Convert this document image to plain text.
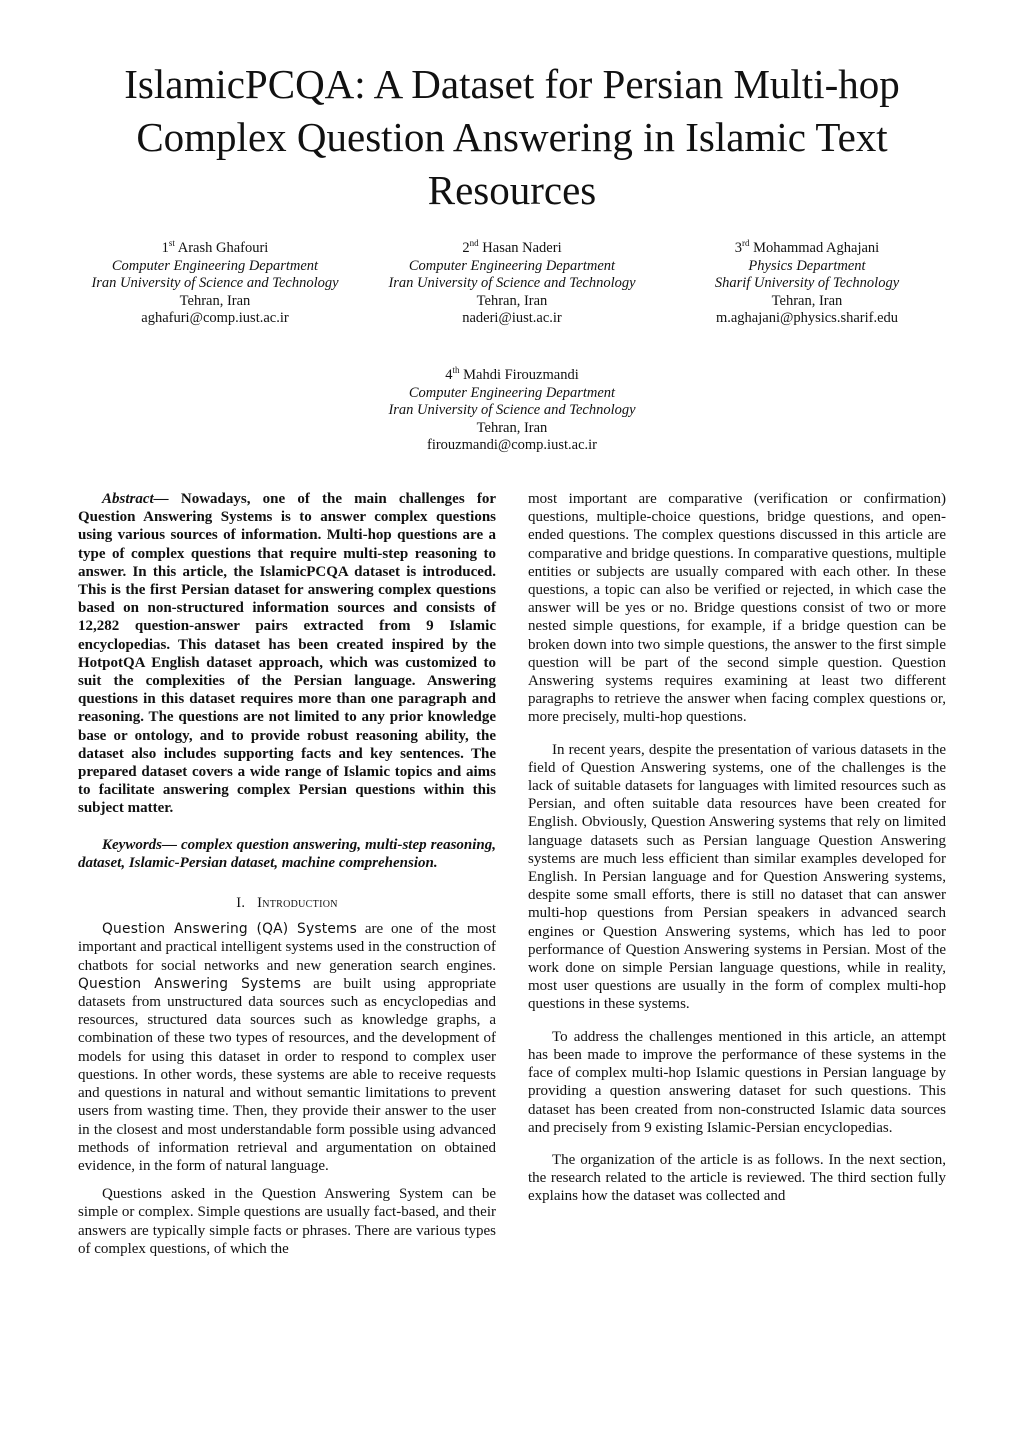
IslamicPCQA: A Dataset for Persian Multi-hop Complex Question Answering in Islamic Text Resources
1st Arash Ghafouri
Computer Engineering Department
Iran University of Science and Technology
Tehran, Iran
aghafuri@comp.iust.ac.ir
2nd Hasan Naderi
Computer Engineering Department
Iran University of Science and Technology
Tehran, Iran
naderi@iust.ac.ir
3rd Mohammad Aghajani
Physics Department
Sharif University of Technology
Tehran, Iran
m.aghajani@physics.sharif.edu
4th Mahdi Firouzmandi
Computer Engineering Department
Iran University of Science and Technology
Tehran, Iran
firouzmandi@comp.iust.ac.ir

Abstract— Nowadays, one of the main challenges for Question Answering Systems is to answer complex questions using various sources of information. Multi-hop questions are a type of complex questions that require multi-step reasoning to answer. In this article, the IslamicPCQA dataset is introduced. This is the first Persian dataset for answering complex questions based on non-structured information sources and consists of 12,282 question-answer pairs extracted from 9 Islamic encyclopedias. This dataset has been created inspired by the HotpotQA English dataset approach, which was customized to suit the complexities of the Persian language. Answering questions in this dataset requires more than one paragraph and reasoning. The questions are not limited to any prior knowledge base or ontology, and to provide robust reasoning ability, the dataset also includes supporting facts and key sentences. The prepared dataset covers a wide range of Islamic topics and aims to facilitate answering complex Persian questions within this subject matter.

Keywords— complex question answering, multi-step reasoning, dataset, Islamic-Persian dataset, machine comprehension.

I. Introduction

Question Answering (QA) Systems are one of the most important and practical intelligent systems used in the construction of chatbots for social networks and new generation search engines. Question Answering Systems are built using appropriate datasets from unstructured data sources such as encyclopedias and resources, structured data sources such as knowledge graphs, a combination of these two types of resources, and the development of models for using this dataset in order to respond to complex user questions. In other words, these systems are able to receive requests and questions in natural and without semantic limitations to prevent users from wasting time. Then, they provide their answer to the user in the closest and most understandable form possible using advanced methods of information retrieval and argumentation on obtained evidence, in the form of natural language.

Questions asked in the Question Answering System can be simple or complex. Simple questions are usually fact-based, and their answers are typically simple facts or phrases. There are various types of complex questions, of which the

most important are comparative (verification or confirmation) questions, multiple-choice questions, bridge questions, and open-ended questions. The complex questions discussed in this article are comparative and bridge questions. In comparative questions, multiple entities or subjects are usually compared with each other. In these questions, a topic can also be verified or rejected, in which case the answer will be yes or no. Bridge questions consist of two or more nested simple questions, for example, if a bridge question can be broken down into two simple questions, the answer to the first simple question will be part of the second simple question. Question Answering systems requires examining at least two different paragraphs to retrieve the answer when facing complex questions or, more precisely, multi-hop questions.

In recent years, despite the presentation of various datasets in the field of Question Answering systems, one of the challenges is the lack of suitable datasets for languages with limited resources such as Persian, and often suitable data resources have been created for English. Obviously, Question Answering systems that rely on limited language datasets such as Persian language Question Answering systems are much less efficient than similar examples developed for English. In Persian language and for Question Answering systems, despite some small efforts, there is still no dataset that can answer multi-hop questions from Persian speakers in advanced search engines or Question Answering systems, which has led to poor performance of Question Answering systems in Persian. Most of the work done on simple Persian language questions, while in reality, most user questions are usually in the form of complex multi-hop questions in these systems.

To address the challenges mentioned in this article, an attempt has been made to improve the performance of these systems in the face of complex multi-hop Islamic questions in Persian language by providing a question answering dataset for such questions. This dataset has been created from non-constructed Islamic data sources and precisely from 9 existing Islamic-Persian encyclopedias.

The organization of the article is as follows. In the next section, the research related to the article is reviewed. The third section fully explains how the dataset was collected and
